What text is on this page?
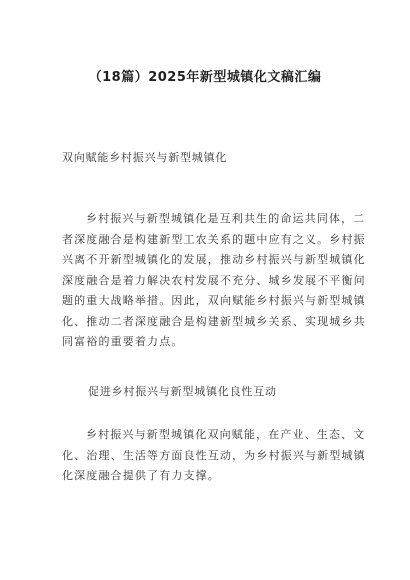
（18篇）2025年新型城镇化文稿汇编
双向赋能乡村振兴与新型城镇化
乡村振兴与新型城镇化是互利共生的命运共同体，二
者深度融合是构建新型工农关系的题中应有之义。乡村振
兴离不开新型城镇化的发展，推动乡村振兴与新型城镇化
深度融合是着力解决农村发展不充分、城乡发展不平衡问
题的重大战略举措。因此，双向赋能乡村振兴与新型城镇
化、推动二者深度融合是构建新型城乡关系、实现城乡共
同富裕的重要着力点。
促进乡村振兴与新型城镇化良性互动
乡村振兴与新型城镇化双向赋能，在产业、生态、文
化、治理、生活等方面良性互动，为乡村振兴与新型城镇
化深度融合提供了有力支撑。
